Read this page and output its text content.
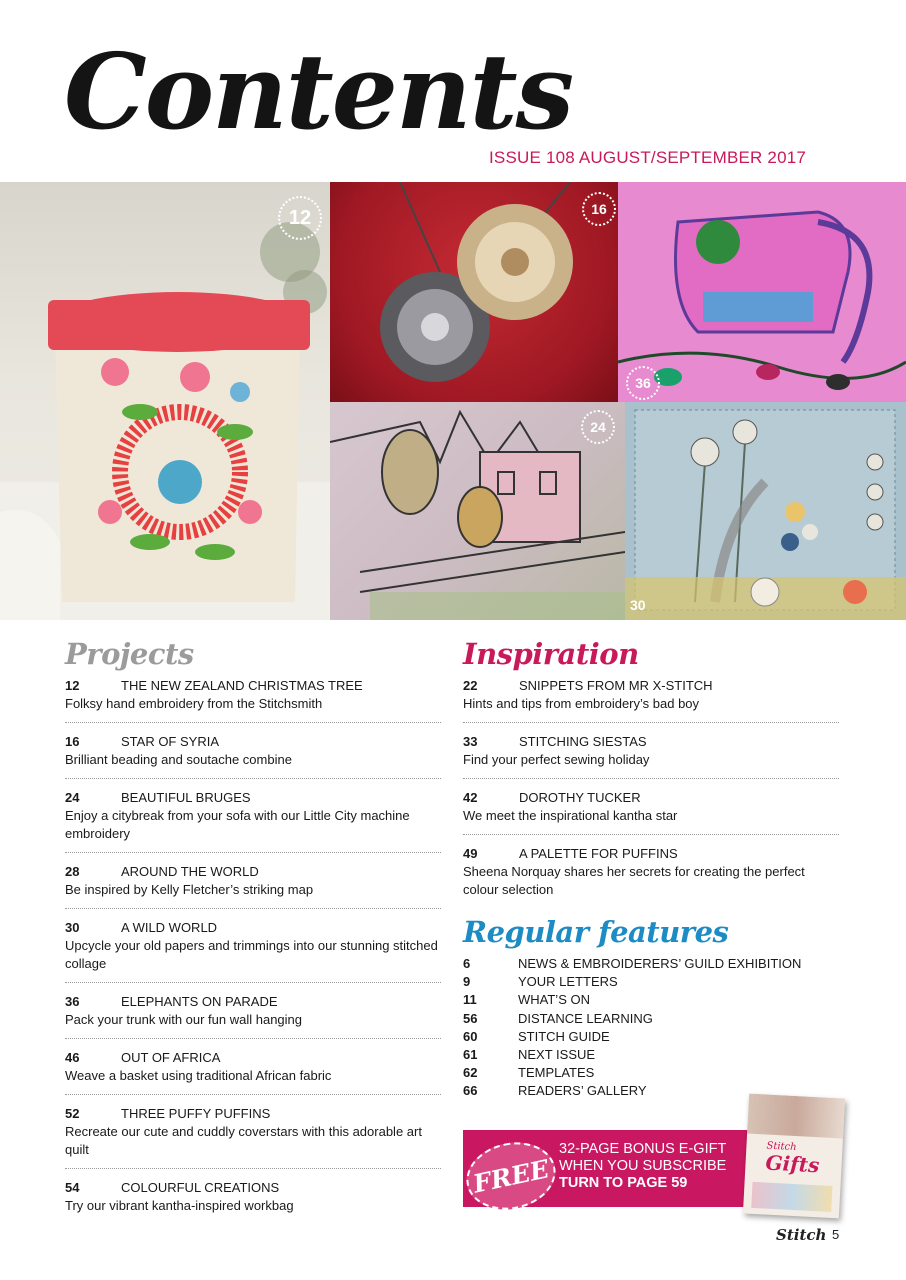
Contents
ISSUE 108 AUGUST/SEPTEMBER 2017
12	16
36
24
30
Projects
12	THE NEW ZEALAND CHRISTMAS TREE
Folksy hand embroidery from the Stitchsmith
16	STAR OF SYRIA
Brilliant beading and soutache combine
24	BEAUTIFUL BRUGES
Enjoy a citybreak from your sofa with our Little City machine embroidery
28	AROUND THE WORLD
Be inspired by Kelly Fletcher’s striking map
30	A WILD WORLD
Upcycle your old papers and trimmings into our stunning stitched collage
36	ELEPHANTS ON PARADE
Pack your trunk with our fun wall hanging
46	OUT OF AFRICA
Weave a basket using traditional African fabric
52	THREE PUFFY PUFFINS
Recreate our cute and cuddly coverstars with this adorable art quilt
54	COLOURFUL CREATIONS
Try our vibrant kantha-inspired workbag
Inspiration
22	SNIPPETS FROM MR X-STITCH
Hints and tips from embroidery’s bad boy
33	STITCHING SIESTAS
Find your perfect sewing holiday
42	DOROTHY TUCKER
We meet the inspirational kantha star
49	A PALETTE FOR PUFFINS
Sheena Norquay shares her secrets for creating the perfect colour selection
Regular features
6	NEWS & EMBROIDERERS’ GUILD EXHIBITION
9	YOUR LETTERS
11	WHAT’S ON
56	DISTANCE LEARNING
60	STITCH GUIDE
61	NEXT ISSUE
62	TEMPLATES
66	READERS’ GALLERY
FREE
32-PAGE BONUS E-GIFT
WHEN YOU SUBSCRIBE
TURN TO PAGE 59
Stitch
Gifts
Stitch 5
